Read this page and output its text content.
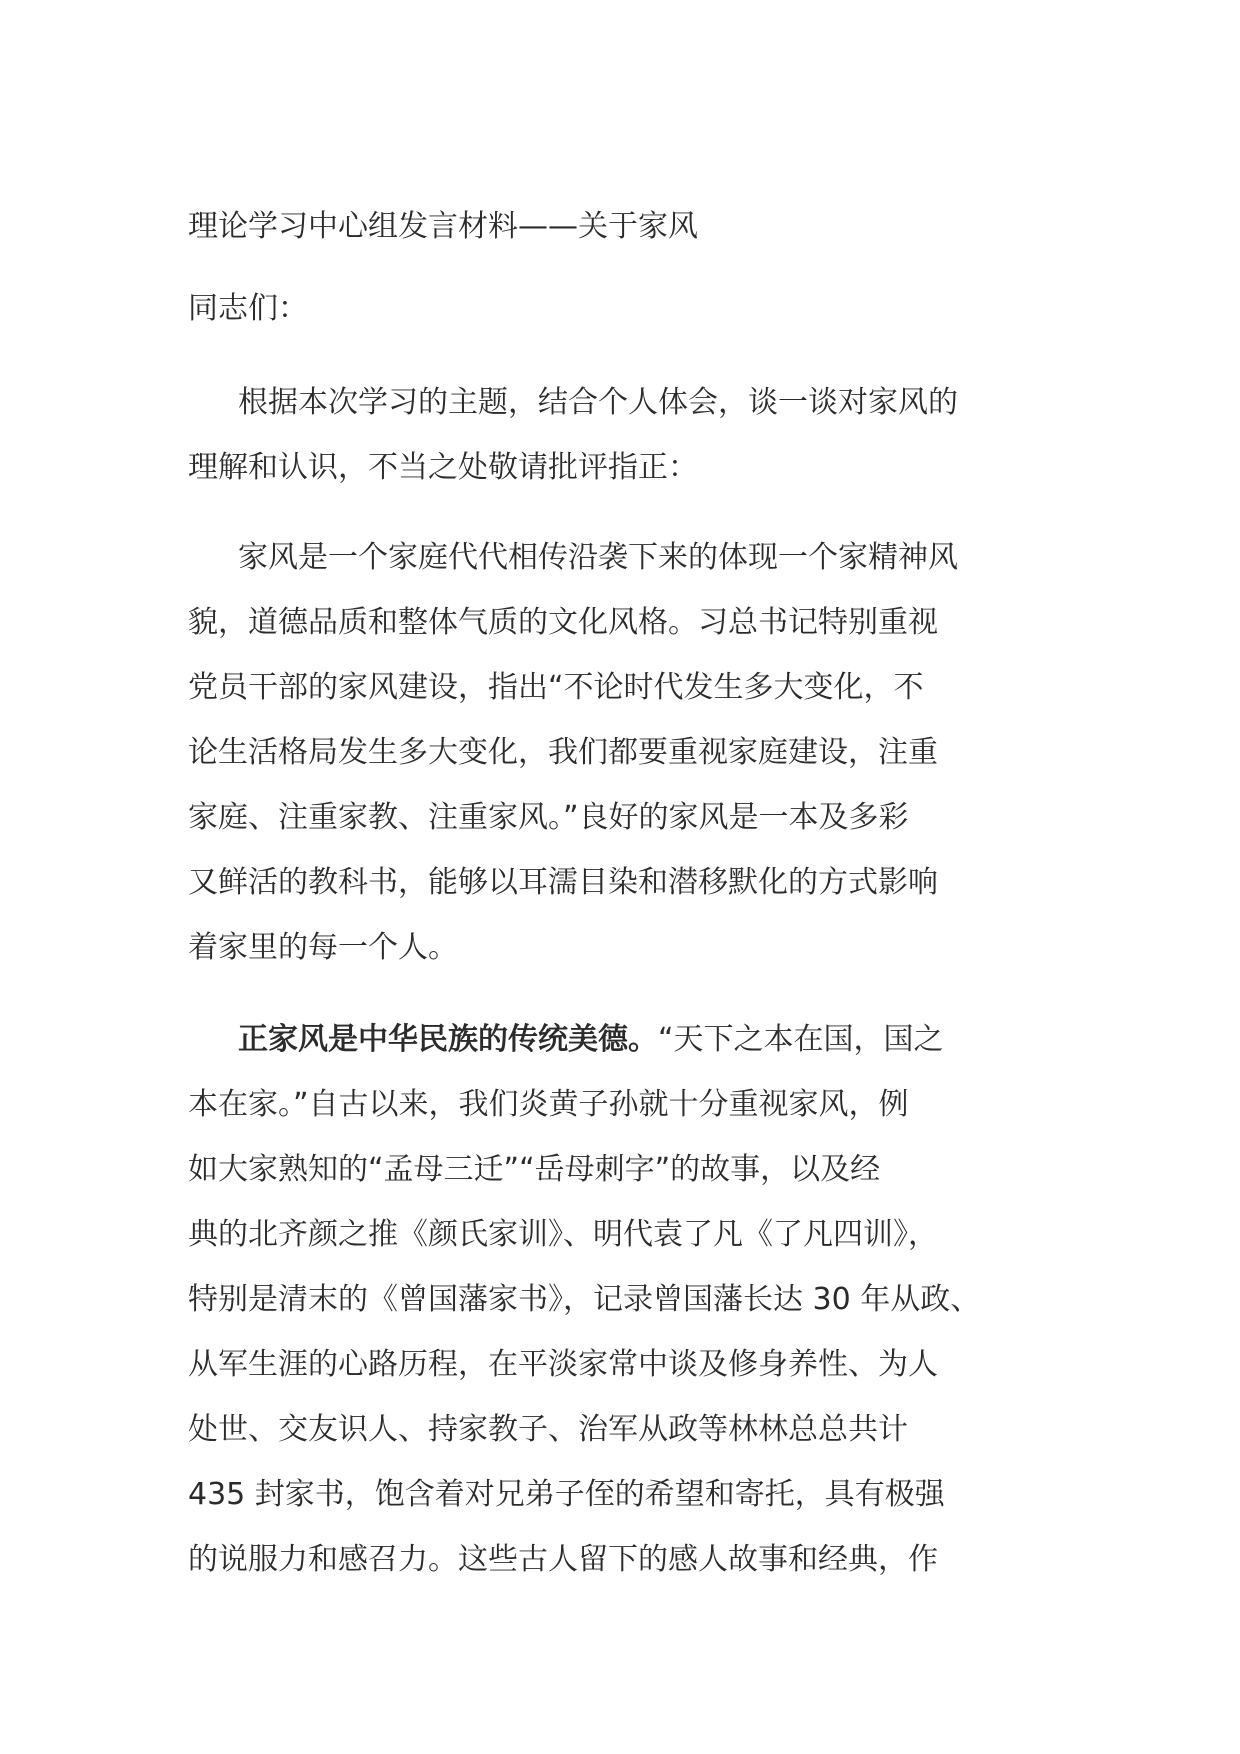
理论学习中心组发言材料——关于家风
同志们：
根据本次学习的主题，结合个人体会，谈一谈对家风的
理解和认识，不当之处敬请批评指正：
家风是一个家庭代代相传沿袭下来的体现一个家精神风
貌，道德品质和整体气质的文化风格。习总书记特别重视
党员干部的家风建设，指出“不论时代发生多大变化，不
论生活格局发生多大变化，我们都要重视家庭建设，注重
家庭、注重家教、注重家风。”良好的家风是一本及多彩
又鲜活的教科书，能够以耳濡目染和潜移默化的方式影响
着家里的每一个人。
正家风是中华民族的传统美德。“天下之本在国，国之
本在家。”自古以来，我们炎黄子孙就十分重视家风，例
如大家熟知的“孟母三迁”“岳母刺字”的故事，以及经
典的北齐颜之推《颜氏家训》、明代袁了凡《了凡四训》，
特别是清末的《曾国藩家书》，记录曾国藩长达 30 年从政、
从军生涯的心路历程，在平淡家常中谈及修身养性、为人
处世、交友识人、持家教子、治军从政等林林总总共计
435 封家书，饱含着对兄弟子侄的希望和寄托，具有极强
的说服力和感召力。这些古人留下的感人故事和经典，作
